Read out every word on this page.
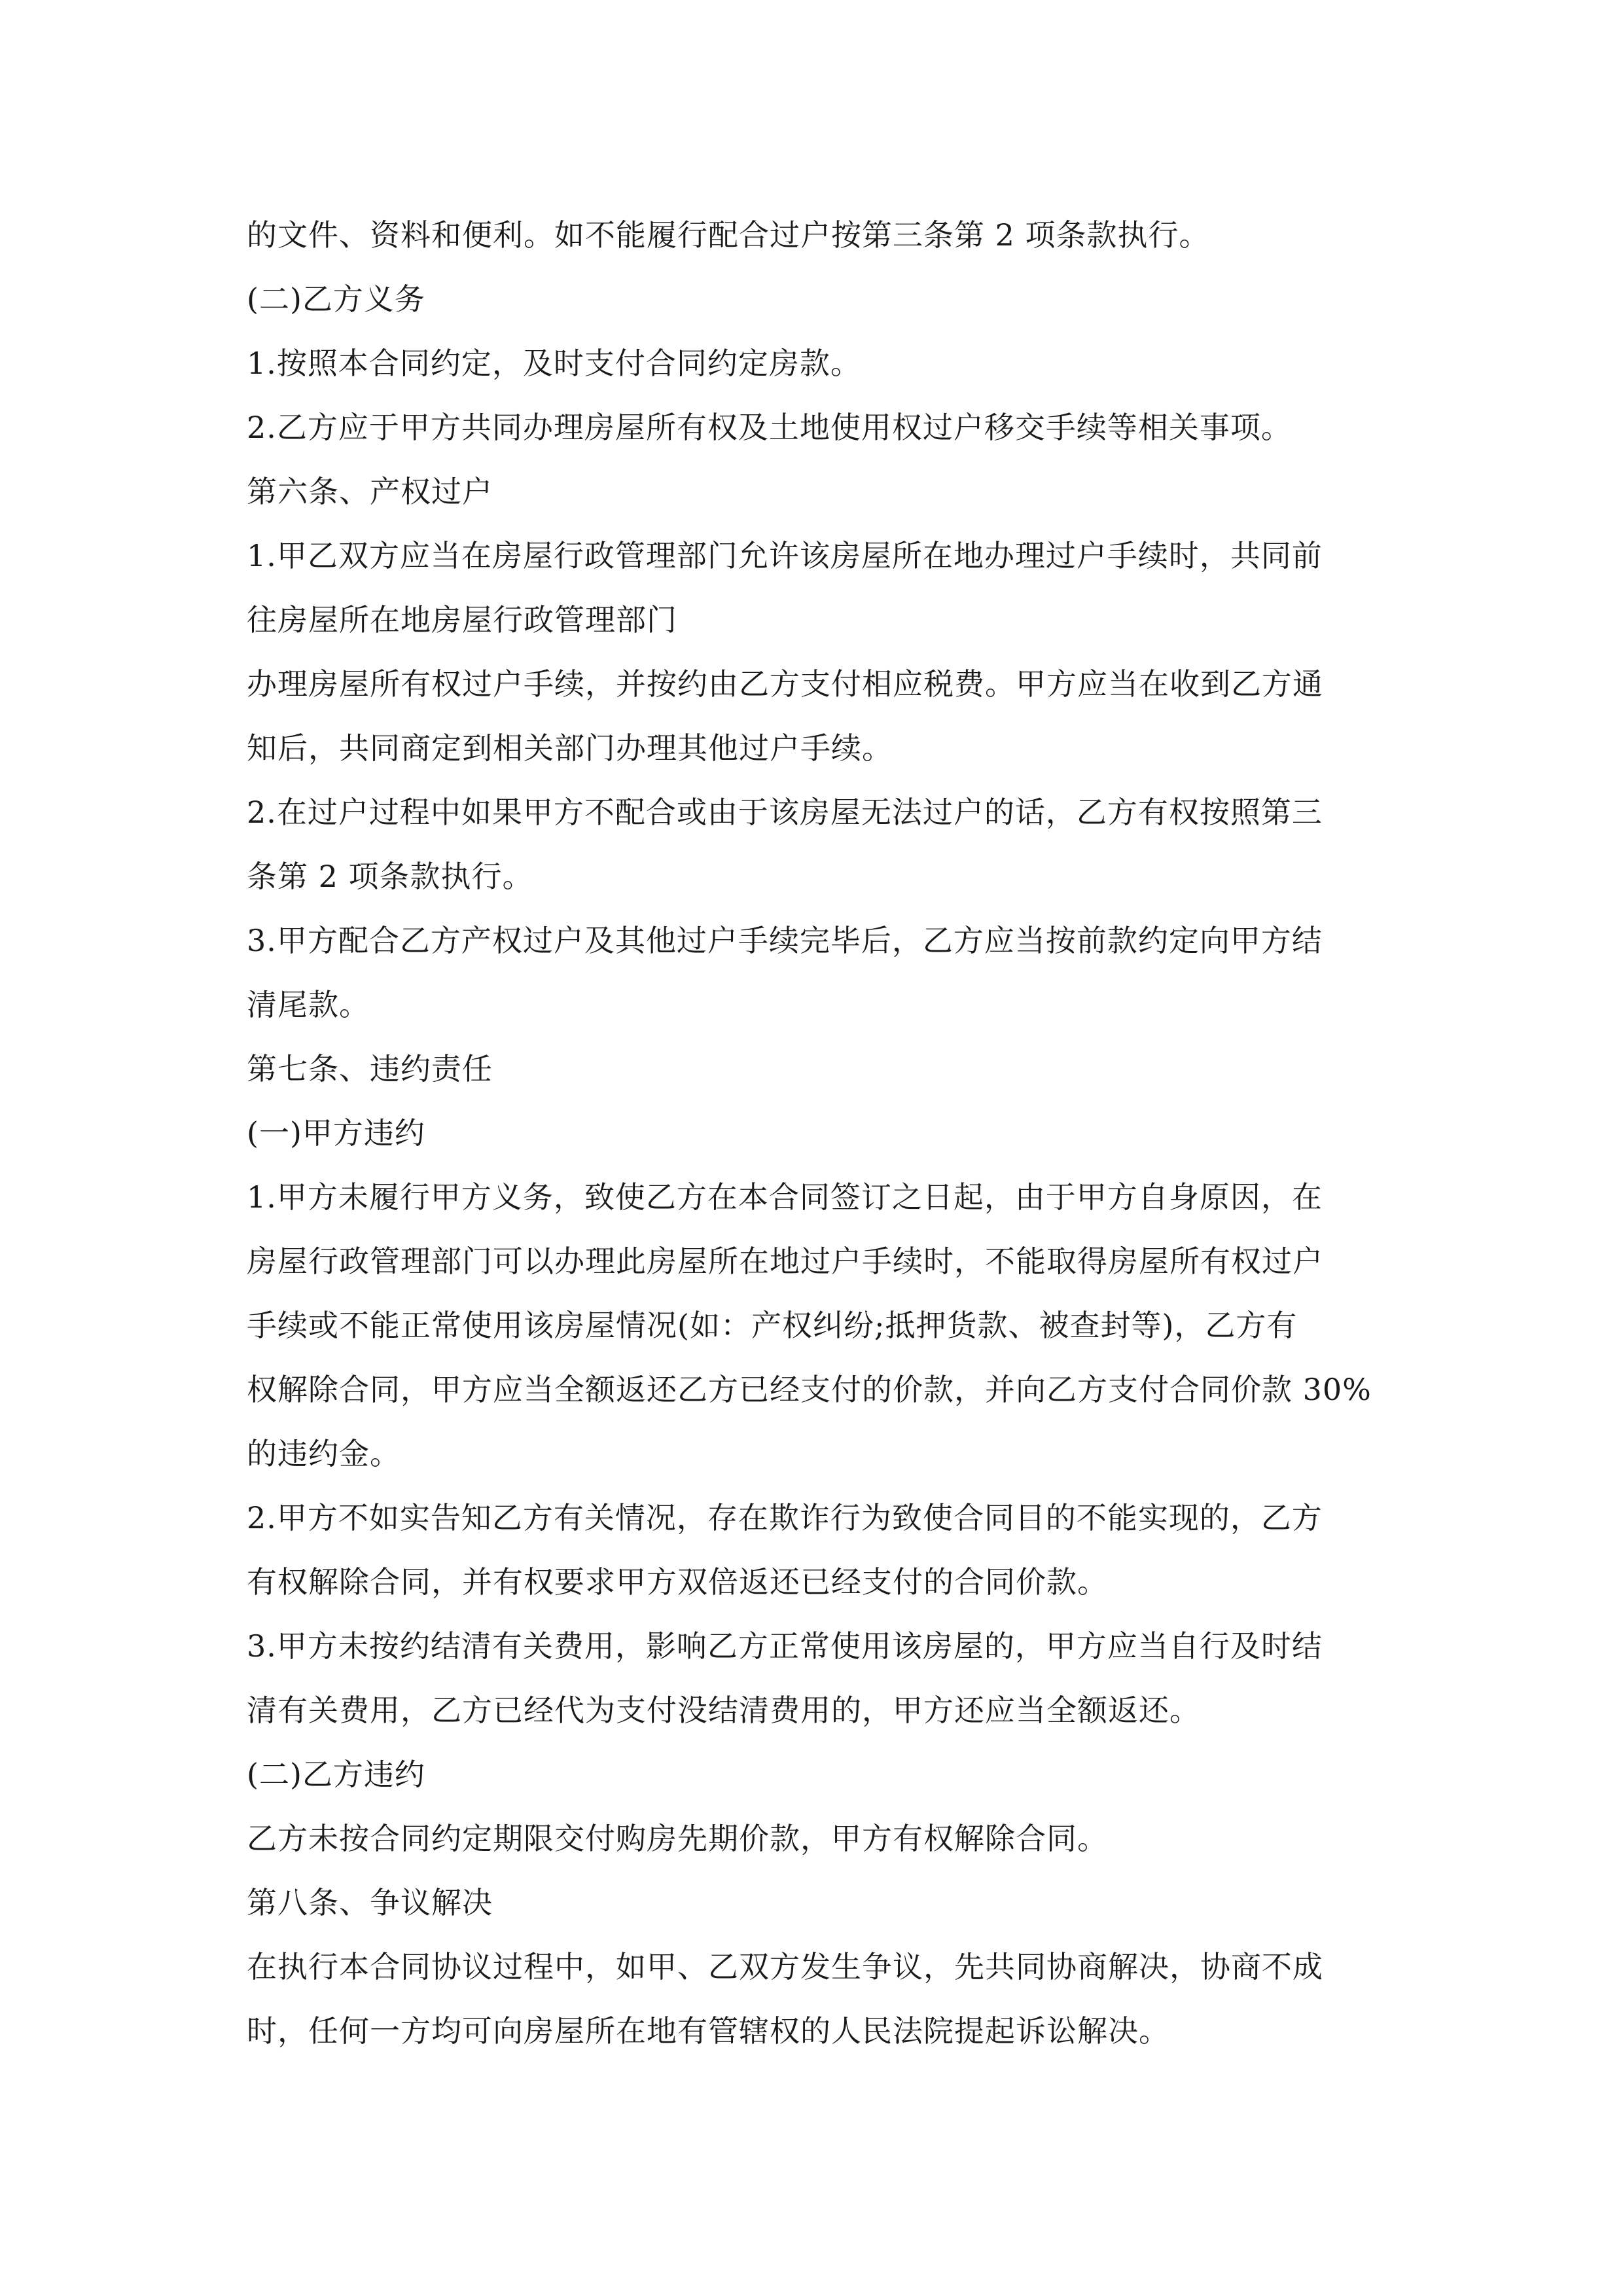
的文件、资料和便利。如不能履行配合过户按第三条第 2 项条款执行。
(二)乙方义务
1.按照本合同约定，及时支付合同约定房款。
2.乙方应于甲方共同办理房屋所有权及土地使用权过户移交手续等相关事项。
第六条、产权过户
1.甲乙双方应当在房屋行政管理部门允许该房屋所在地办理过户手续时，共同前
往房屋所在地房屋行政管理部门
办理房屋所有权过户手续，并按约由乙方支付相应税费。甲方应当在收到乙方通
知后，共同商定到相关部门办理其他过户手续。
2.在过户过程中如果甲方不配合或由于该房屋无法过户的话，乙方有权按照第三
条第 2 项条款执行。
3.甲方配合乙方产权过户及其他过户手续完毕后，乙方应当按前款约定向甲方结
清尾款。
第七条、违约责任
(一)甲方违约
1.甲方未履行甲方义务，致使乙方在本合同签订之日起，由于甲方自身原因，在
房屋行政管理部门可以办理此房屋所在地过户手续时，不能取得房屋所有权过户
手续或不能正常使用该房屋情况(如：产权纠纷;抵押货款、被查封等)，乙方有
权解除合同，甲方应当全额返还乙方已经支付的价款，并向乙方支付合同价款 30%
的违约金。
2.甲方不如实告知乙方有关情况，存在欺诈行为致使合同目的不能实现的，乙方
有权解除合同，并有权要求甲方双倍返还已经支付的合同价款。
3.甲方未按约结清有关费用，影响乙方正常使用该房屋的，甲方应当自行及时结
清有关费用，乙方已经代为支付没结清费用的，甲方还应当全额返还。
(二)乙方违约
乙方未按合同约定期限交付购房先期价款，甲方有权解除合同。
第八条、争议解决
在执行本合同协议过程中，如甲、乙双方发生争议，先共同协商解决，协商不成
时，任何一方均可向房屋所在地有管辖权的人民法院提起诉讼解决。
